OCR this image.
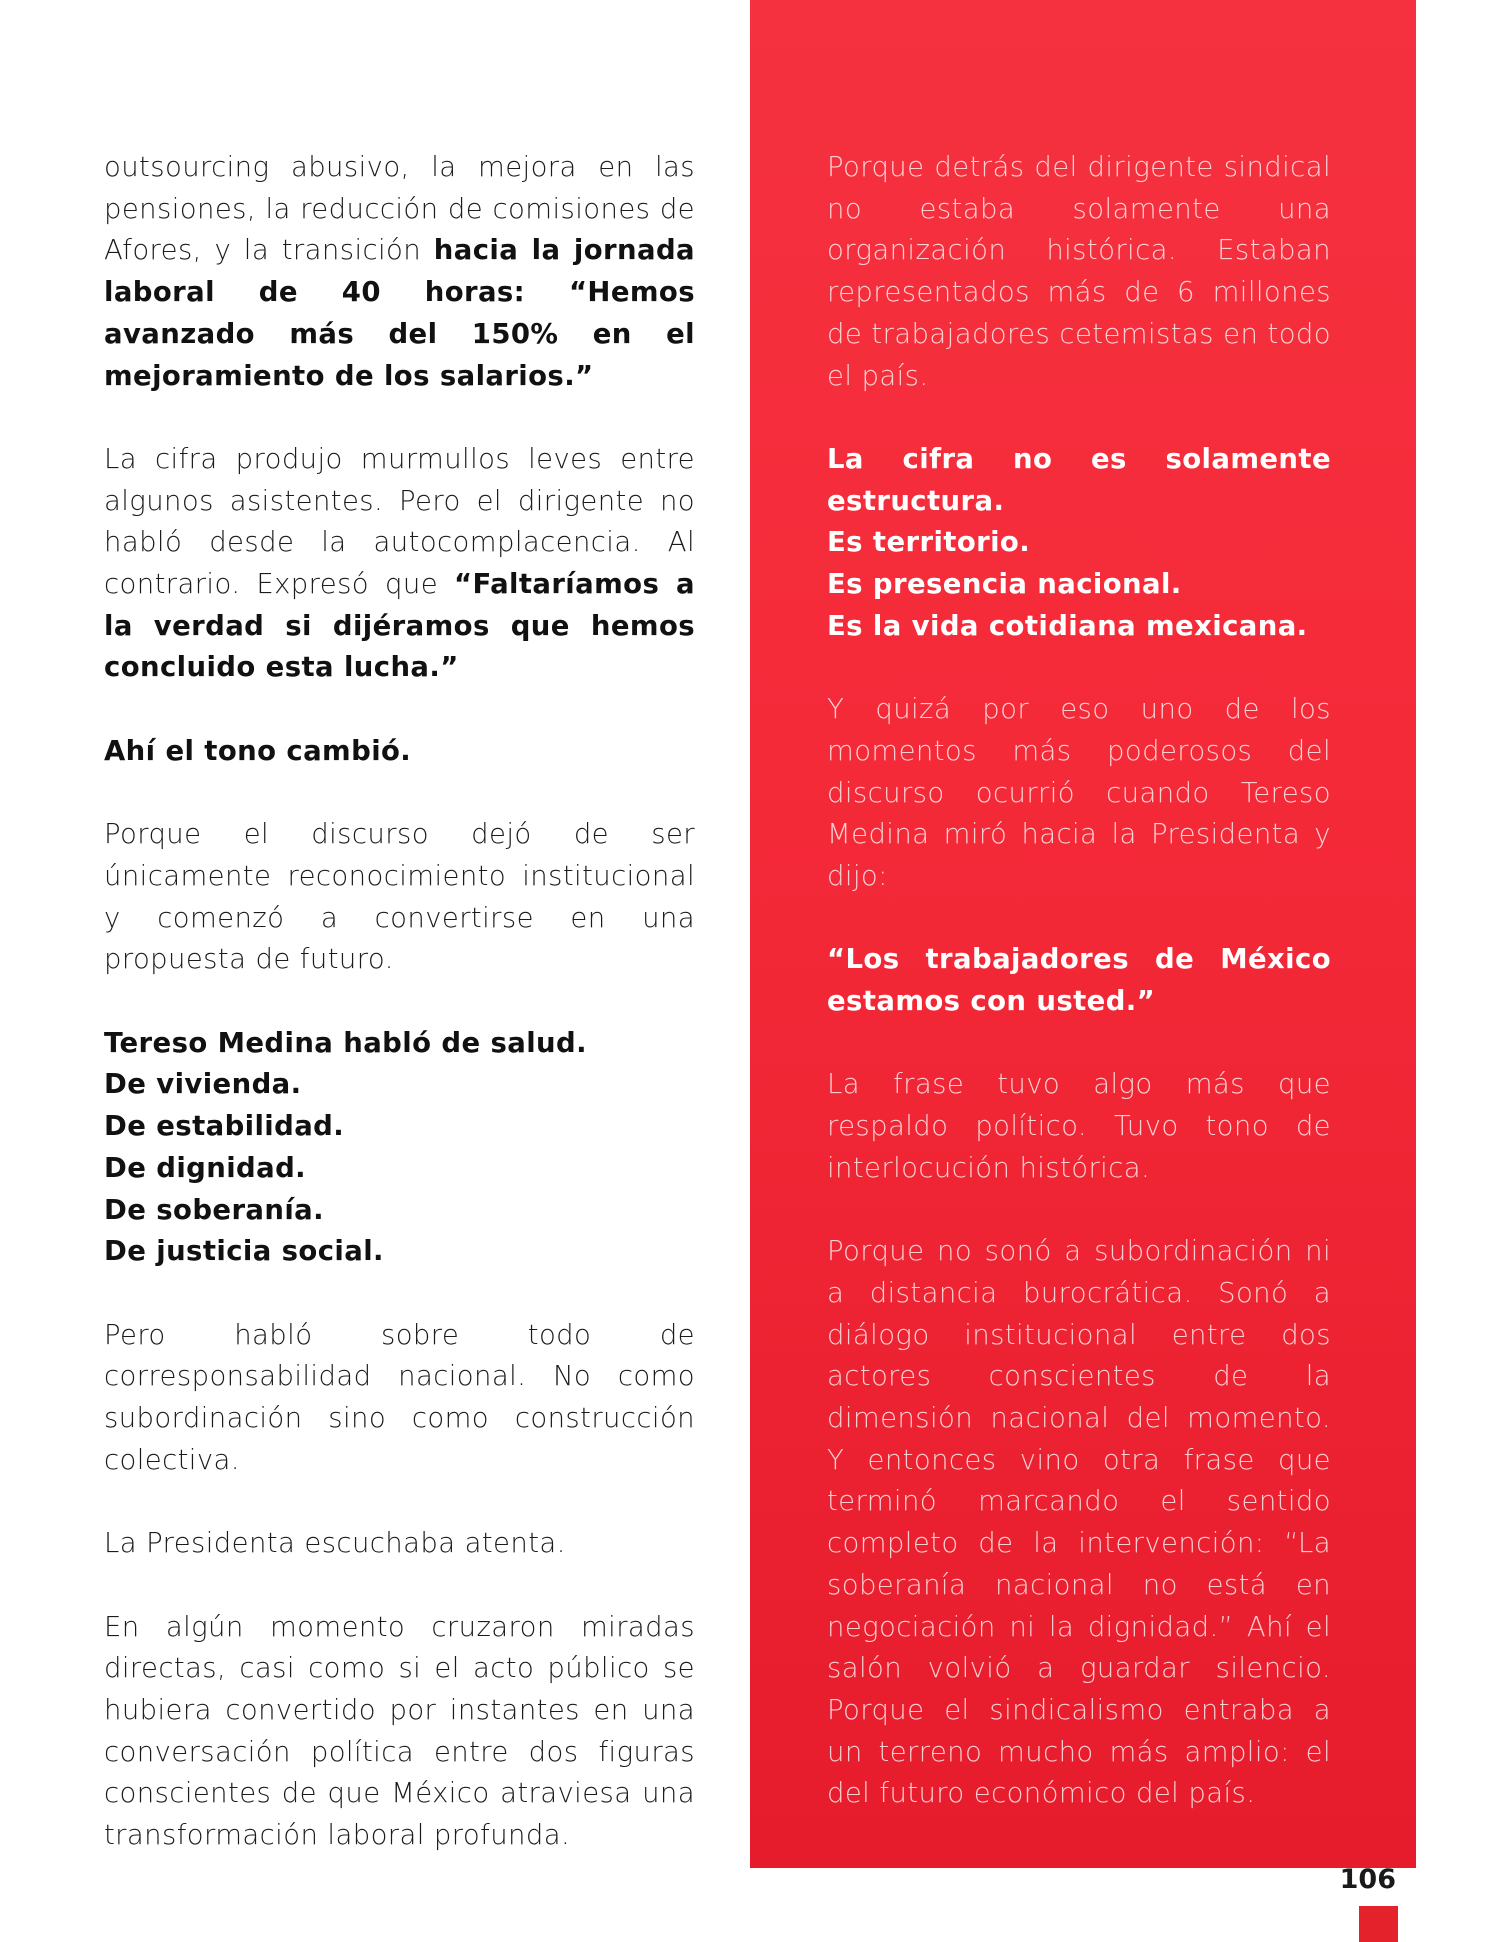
outsourcing abusivo, la mejora en las pensiones, la reducción de comisiones de Afores, y la transición hacia la jornada laboral de 40 horas: “Hemos avanzado más del 150% en el mejoramiento de los salarios.”

La cifra produjo murmullos leves entre algunos asistentes. Pero el dirigente no habló desde la autocomplacencia. Al contrario. Expresó que “Faltaríamos a la verdad si dijéramos que hemos concluido esta lucha.”

Ahí el tono cambió.

Porque el discurso dejó de ser únicamente reconocimiento institucional y comenzó a convertirse en una propuesta de futuro.

Tereso Medina habló de salud.
De vivienda.
De estabilidad.
De dignidad.
De soberanía.
De justicia social.

Pero habló sobre todo de corresponsabilidad nacional. No como subordinación sino como construcción colectiva.

La Presidenta escuchaba atenta.

En algún momento cruzaron miradas directas, casi como si el acto público se hubiera convertido por instantes en una conversación política entre dos figuras conscientes de que México atraviesa una transformación laboral profunda.

Porque detrás del dirigente sindical no estaba solamente una organización histórica. Estaban representados más de 6 millones de trabajadores cetemistas en todo el país.

La cifra no es solamente estructura.
Es territorio.
Es presencia nacional.
Es la vida cotidiana mexicana.

Y quizá por eso uno de los momentos más poderosos del discurso ocurrió cuando Tereso Medina miró hacia la Presidenta y dijo:

“Los trabajadores de México estamos con usted.”

La frase tuvo algo más que respaldo político. Tuvo tono de interlocución histórica.

Porque no sonó a subordinación ni a distancia burocrática. Sonó a diálogo institucional entre dos actores conscientes de la dimensión nacional del momento. Y entonces vino otra frase que terminó marcando el sentido completo de la intervención: “La soberanía nacional no está en negociación ni la dignidad.” Ahí el salón volvió a guardar silencio. Porque el sindicalismo entraba a un terreno mucho más amplio: el del futuro económico del país.

106
